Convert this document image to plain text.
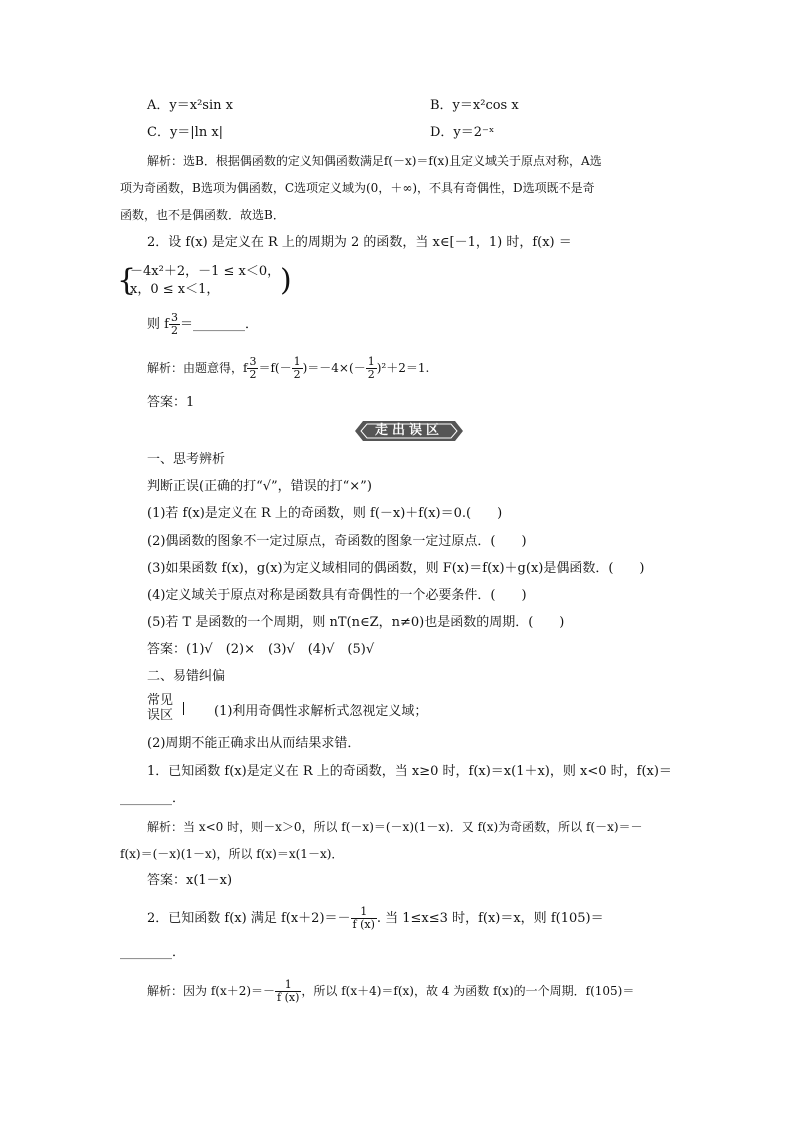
A．y＝x²sin x	B．y＝x²cos x
C．y＝|ln x|	D．y＝2⁻ˣ
解析：选B．根据偶函数的定义知偶函数满足f(－x)＝f(x)且定义域关于原点对称，A选
项为奇函数，B选项为偶函数，C选项定义域为(0，＋∞)，不具有奇偶性，D选项既不是奇
函数，也不是偶函数．故选B．
2．设 f(x) 是定义在 R 上的周期为 2 的函数，当 x∈[－1，1) 时，f(x) ＝
{
－4x²＋2，－1 ≤ x＜0，
x，0 ≤ x＜1， )
则 f $\frac{3}{2}$ ＝________．
解析：由题意得，f $\frac{3}{2} =f(- \frac{1}{2} )=-4\times(- \frac{1}{2} )^2+2=1$.
答案：1
走出误区
一、思考辨析
判断正误(正确的打“√”，错误的打“×”)
(1)若 f(x)是定义在 R 上的奇函数，则 f(－x)＋f(x)＝0.(　　)
(2)偶函数的图象不一定过原点，奇函数的图象一定过原点．(　　)
(3)如果函数 f(x)，g(x)为定义域相同的偶函数，则 F(x)＝f(x)＋g(x)是偶函数．(　　)
(4)定义域关于原点对称是函数具有奇偶性的一个必要条件．(　　)
(5)若 T 是函数的一个周期，则 nT(n∈Z，n≠0)也是函数的周期．(　　)
答案：(1)√　(2)×　(3)√　(4)√　(5)√
二、易错纠偏
常见
误区	(1)利用奇偶性求解析式忽视定义域；
(2)周期不能正确求出从而结果求错．
1．已知函数 f(x)是定义在 R 上的奇函数，当 x≥0 时，f(x)＝x(1＋x)，则 x<0 时，f(x)＝
________．
解析：当 x<0 时，则－x＞0，所以 f(－x)＝(－x)(1－x)．又 f(x)为奇函数，所以 f(－x)＝－
f(x)＝(－x)(1－x)，所以 f(x)＝x(1－x)．
答案：x(1－x)
2．已知函数 f(x) 满足 $f(x+2)=- \frac{1}{f (x)}$ . 当 1≤x≤3 时，f(x)＝x，则 f(105)＝
________．
解析：因为 $f(x+2)=- \frac{1}{f (x)}$ ，所以 f(x＋4)＝f(x)，故 4 为函数 f(x)的一个周期．f(105)＝
